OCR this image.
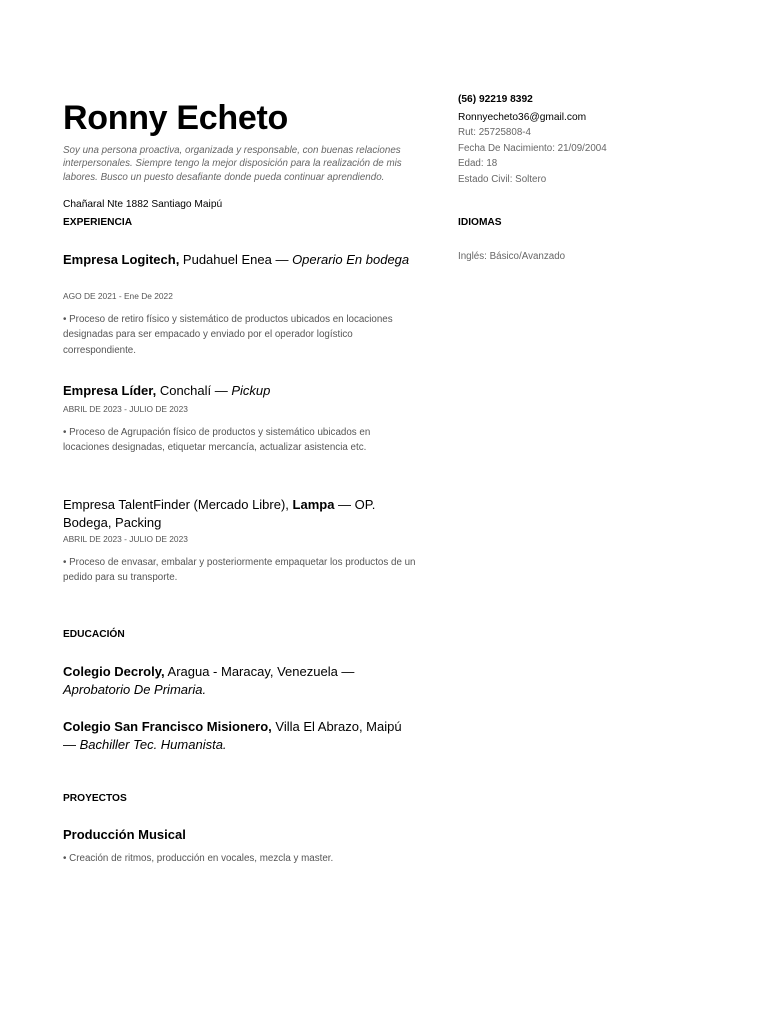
Ronny Echeto

Soy una persona proactiva, organizada y responsable, con buenas relaciones interpersonales. Siempre tengo la mejor disposición para la realización de mis labores. Busco un puesto desafiante donde pueda continuar aprendiendo.

Chañaral Nte 1882 Santiago Maipú
EXPERIENCIA
Empresa Logitech, Pudahuel Enea — Operario En bodega
AGO DE 2021 - Ene De 2022

• Proceso de retiro físico y sistemático de productos ubicados en locaciones designadas para ser empacado y enviado por el operador logístico correspondiente.

Empresa Líder, Conchalí — Pickup
ABRIL DE 2023 - JULIO DE 2023

• Proceso de Agrupación físico de productos y sistemático ubicados en locaciones designadas, etiquetar mercancía, actualizar asistencia etc.

Empresa TalentFinder (Mercado Libre), Lampa — OP. Bodega, Packing
ABRIL DE 2023 - JULIO DE 2023

• Proceso de envasar, embalar y posteriormente empaquetar los productos de un pedido para su transporte.

EDUCACIÓN
Colegio Decroly, Aragua - Maracay, Venezuela — Aprobatorio De Primaria.
Colegio San Francisco Misionero, Villa El Abrazo, Maipú — Bachiller Tec. Humanista.
PROYECTOS
Producción Musical

• Creación de ritmos, producción en vocales, mezcla y master.

(56) 92219 8392
Ronnyecheto36@gmail.com
Rut: 25725808-4
Fecha De Nacimiento: 21/09/2004
Edad: 18
Estado Civil: Soltero
IDIOMAS
Inglés: Básico/Avanzado
